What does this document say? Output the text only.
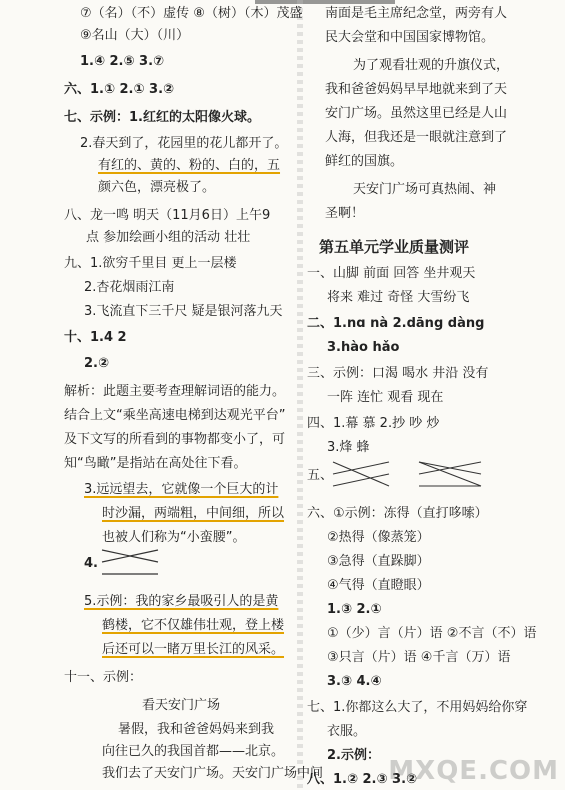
⑦（名）（不）虚传 ⑧（树）（木）茂盛
⑨名山（大）（川）
1.④ 2.⑤ 3.⑦
六、1.① 2.① 3.②
七、示例：1.红红的太阳像火球。
2.春天到了，花园里的花儿都开了。
有红的、黄的、粉的、白的，五
颜六色，漂亮极了。
八、龙一鸣 明天（11月6日）上午9
点 参加绘画小组的活动 壮壮
九、1.欲穷千里目 更上一层楼
2.杏花烟雨江南
3.飞流直下三千尺 疑是银河落九天
十、1.4 2
2.②
解析：此题主要考查理解词语的能力。
结合上文“乘坐高速电梯到达观光平台”
及下文写的所看到的事物都变小了，可
知“鸟瞰”是指站在高处往下看。
3.远远望去，它就像一个巨大的计
时沙漏，两端粗，中间细，所以
也被人们称为“小蛮腰”。
4.
5.示例：我的家乡最吸引人的是黄
鹤楼，它不仅雄伟壮观，登上楼
后还可以一睹万里长江的风采。
十一、示例：
看天安门广场
暑假，我和爸爸妈妈来到我
向往已久的我国首都——北京。
我们去了天安门广场。天安门广场中间
南面是毛主席纪念堂，两旁有人
民大会堂和中国国家博物馆。
为了观看壮观的升旗仪式，
我和爸爸妈妈早早地就来到了天
安门广场。虽然这里已经是人山
人海，但我还是一眼就注意到了
鲜红的国旗。
天安门广场可真热闹、神
圣啊！
第五单元学业质量测评
一、山脚 前面 回答 坐井观天
将来 难过 奇怪 大雪纷飞
二、1.nɑ nà 2.dāng dàng
3.hào hǎo
三、示例：口渴 喝水 井沿 没有
一阵 连忙 观看 现在
四、1.幕 慕 2.抄 吵 炒
3.烽 蜂
五、
六、①示例：冻得（直打哆嗦）
②热得（像蒸笼）
③急得（直跺脚）
④气得（直瞪眼）
1.③ 2.①
①（少）言（片）语 ②不言（不）语
③只言（片）语 ④千言（万）语
3.③ 4.④
七、1.你都这么大了，不用妈妈给你穿
衣服。
2.示例：
八、1.② 2.③ 3.②
MXQE.COM
